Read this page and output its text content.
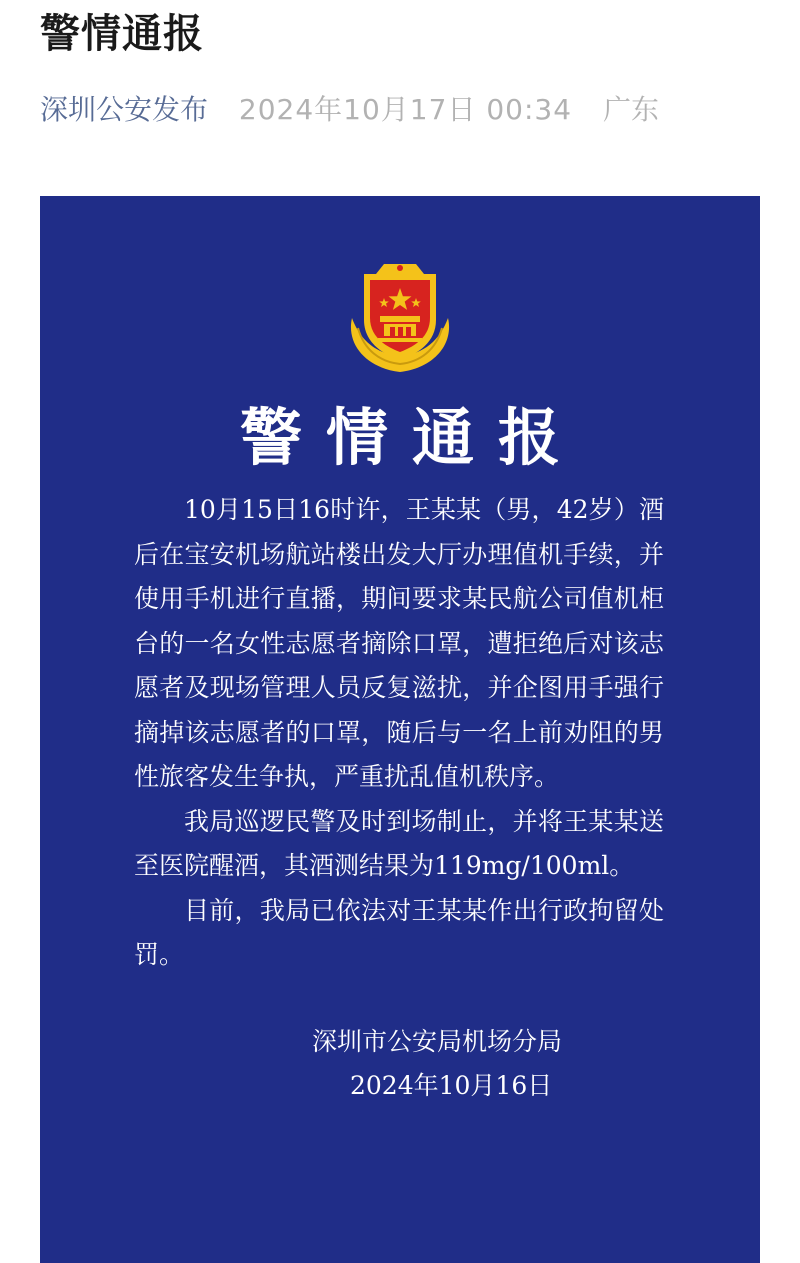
警情通报
深圳公安发布 2024年10月17日 00:34 广东
警情通报

10月15日16时许，王某某（男，42岁）酒后在宝安机场航站楼出发大厅办理值机手续，并使用手机进行直播，期间要求某民航公司值机柜台的一名女性志愿者摘除口罩，遭拒绝后对该志愿者及现场管理人员反复滋扰，并企图用手强行摘掉该志愿者的口罩，随后与一名上前劝阻的男性旅客发生争执，严重扰乱值机秩序。

我局巡逻民警及时到场制止，并将王某某送至医院醒酒，其酒测结果为119mg/100ml。

目前，我局已依法对王某某作出行政拘留处罚。

深圳市公安局机场分局
2024年10月16日
